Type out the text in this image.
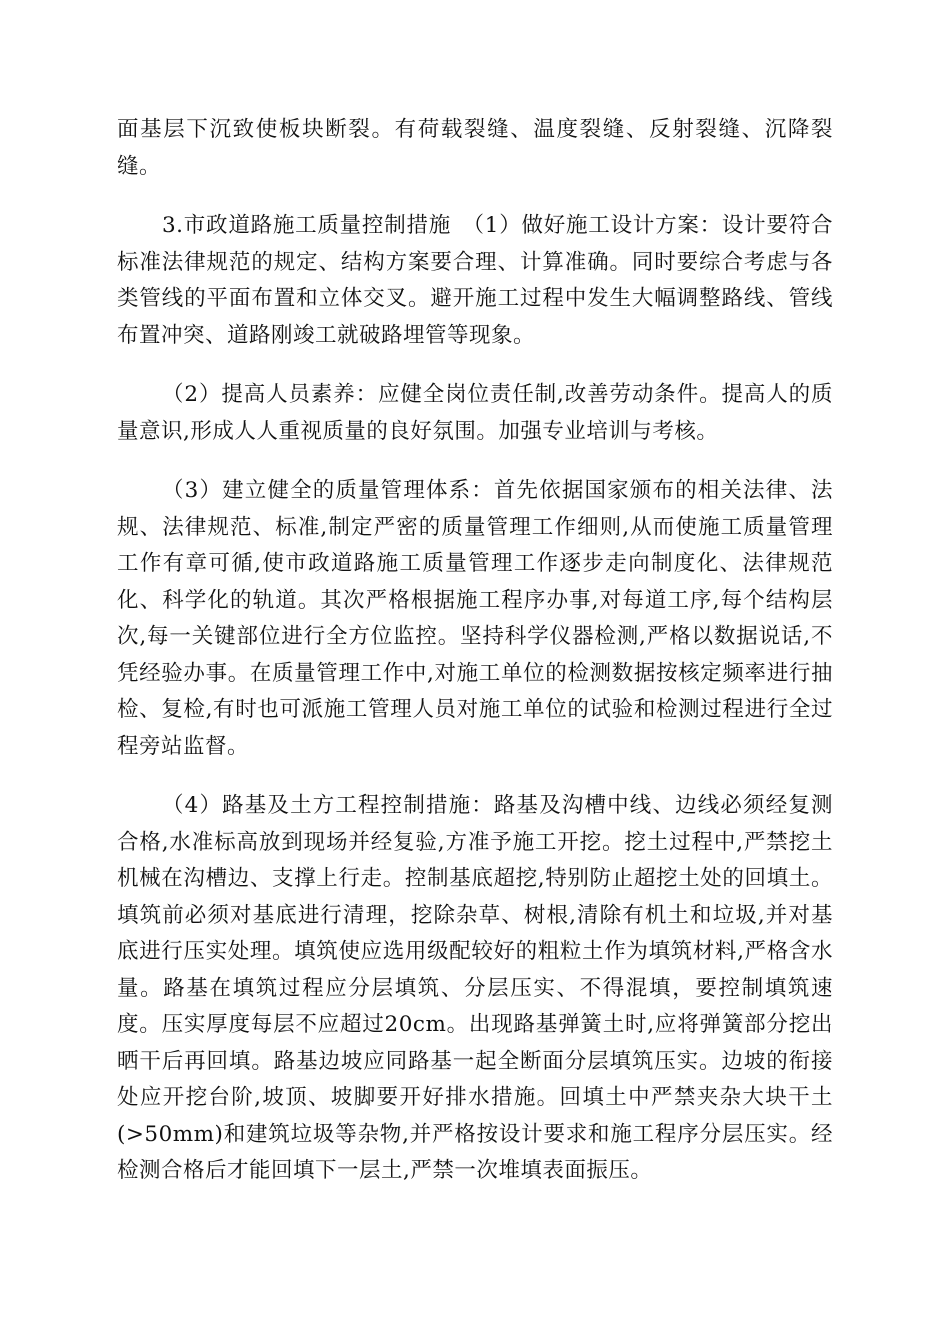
面基层下沉致使板块断裂。有荷载裂缝、温度裂缝、反射裂缝、沉降裂缝。

3.市政道路施工质量控制措施　（1）做好施工设计方案：设计要符合标准法律规范的规定、结构方案要合理、计算准确。同时要综合考虑与各类管线的平面布置和立体交叉。避开施工过程中发生大幅调整路线、管线布置冲突、道路刚竣工就破路埋管等现象。

（2）提高人员素养：应健全岗位责任制,改善劳动条件。提高人的质量意识,形成人人重视质量的良好氛围。加强专业培训与考核。

（3）建立健全的质量管理体系：首先依据国家颁布的相关法律、法规、法律规范、标准,制定严密的质量管理工作细则,从而使施工质量管理工作有章可循,使市政道路施工质量管理工作逐步走向制度化、法律规范化、科学化的轨道。其次严格根据施工程序办事,对每道工序,每个结构层次,每一关键部位进行全方位监控。坚持科学仪器检测,严格以数据说话,不凭经验办事。在质量管理工作中,对施工单位的检测数据按核定频率进行抽检、复检,有时也可派施工管理人员对施工单位的试验和检测过程进行全过程旁站监督。

（4）路基及土方工程控制措施：路基及沟槽中线、边线必须经复测合格,水准标高放到现场并经复验,方准予施工开挖。挖土过程中,严禁挖土机械在沟槽边、支撑上行走。控制基底超挖,特别防止超挖土处的回填土。填筑前必须对基底进行清理，挖除杂草、树根,清除有机土和垃圾,并对基底进行压实处理。填筑使应选用级配较好的粗粒土作为填筑材料,严格含水量。路基在填筑过程应分层填筑、分层压实、不得混填，要控制填筑速度。压实厚度每层不应超过20cm。出现路基弹簧土时,应将弹簧部分挖出晒干后再回填。路基边坡应同路基一起全断面分层填筑压实。边坡的衔接处应开挖台阶,坡顶、坡脚要开好排水措施。回填土中严禁夹杂大块干土(>50mm)和建筑垃圾等杂物,并严格按设计要求和施工程序分层压实。经检测合格后才能回填下一层土,严禁一次堆填表面振压。
